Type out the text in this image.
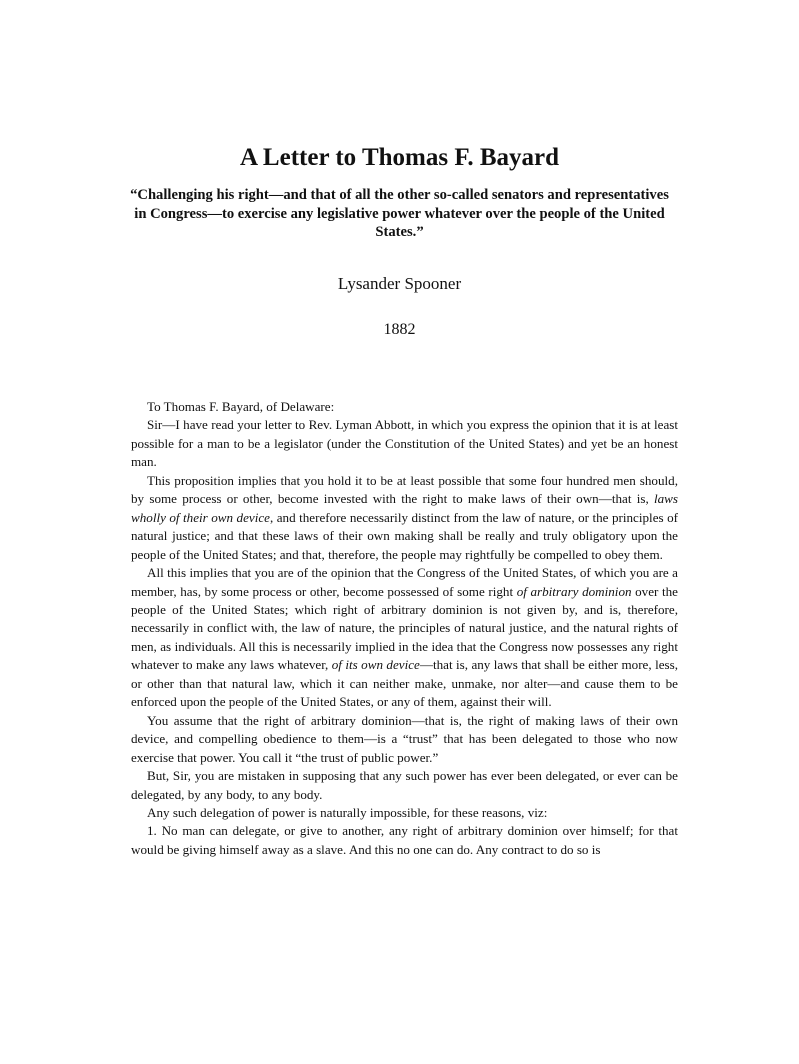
A Letter to Thomas F. Bayard

“Challenging his right—and that of all the other so-called senators and representatives in Congress—to exercise any legislative power whatever over the people of the United States.”

Lysander Spooner
1882

To Thomas F. Bayard, of Delaware:

Sir—I have read your letter to Rev. Lyman Abbott, in which you express the opinion that it is at least possible for a man to be a legislator (under the Constitution of the United States) and yet be an honest man.

This proposition implies that you hold it to be at least possible that some four hundred men should, by some process or other, become invested with the right to make laws of their own—that is, laws wholly of their own device, and therefore necessarily distinct from the law of nature, or the principles of natural justice; and that these laws of their own making shall be really and truly obligatory upon the people of the United States; and that, therefore, the people may rightfully be compelled to obey them.

All this implies that you are of the opinion that the Congress of the United States, of which you are a member, has, by some process or other, become possessed of some right of arbitrary dominion over the people of the United States; which right of arbitrary dominion is not given by, and is, therefore, necessarily in conflict with, the law of nature, the principles of natural justice, and the natural rights of men, as individuals. All this is necessarily implied in the idea that the Congress now possesses any right whatever to make any laws whatever, of its own device—that is, any laws that shall be either more, less, or other than that natural law, which it can neither make, unmake, nor alter—and cause them to be enforced upon the people of the United States, or any of them, against their will.

You assume that the right of arbitrary dominion—that is, the right of making laws of their own device, and compelling obedience to them—is a “trust” that has been delegated to those who now exercise that power. You call it “the trust of public power.”

But, Sir, you are mistaken in supposing that any such power has ever been delegated, or ever can be delegated, by any body, to any body.

Any such delegation of power is naturally impossible, for these reasons, viz:

1. No man can delegate, or give to another, any right of arbitrary dominion over himself; for that would be giving himself away as a slave. And this no one can do. Any contract to do so is
